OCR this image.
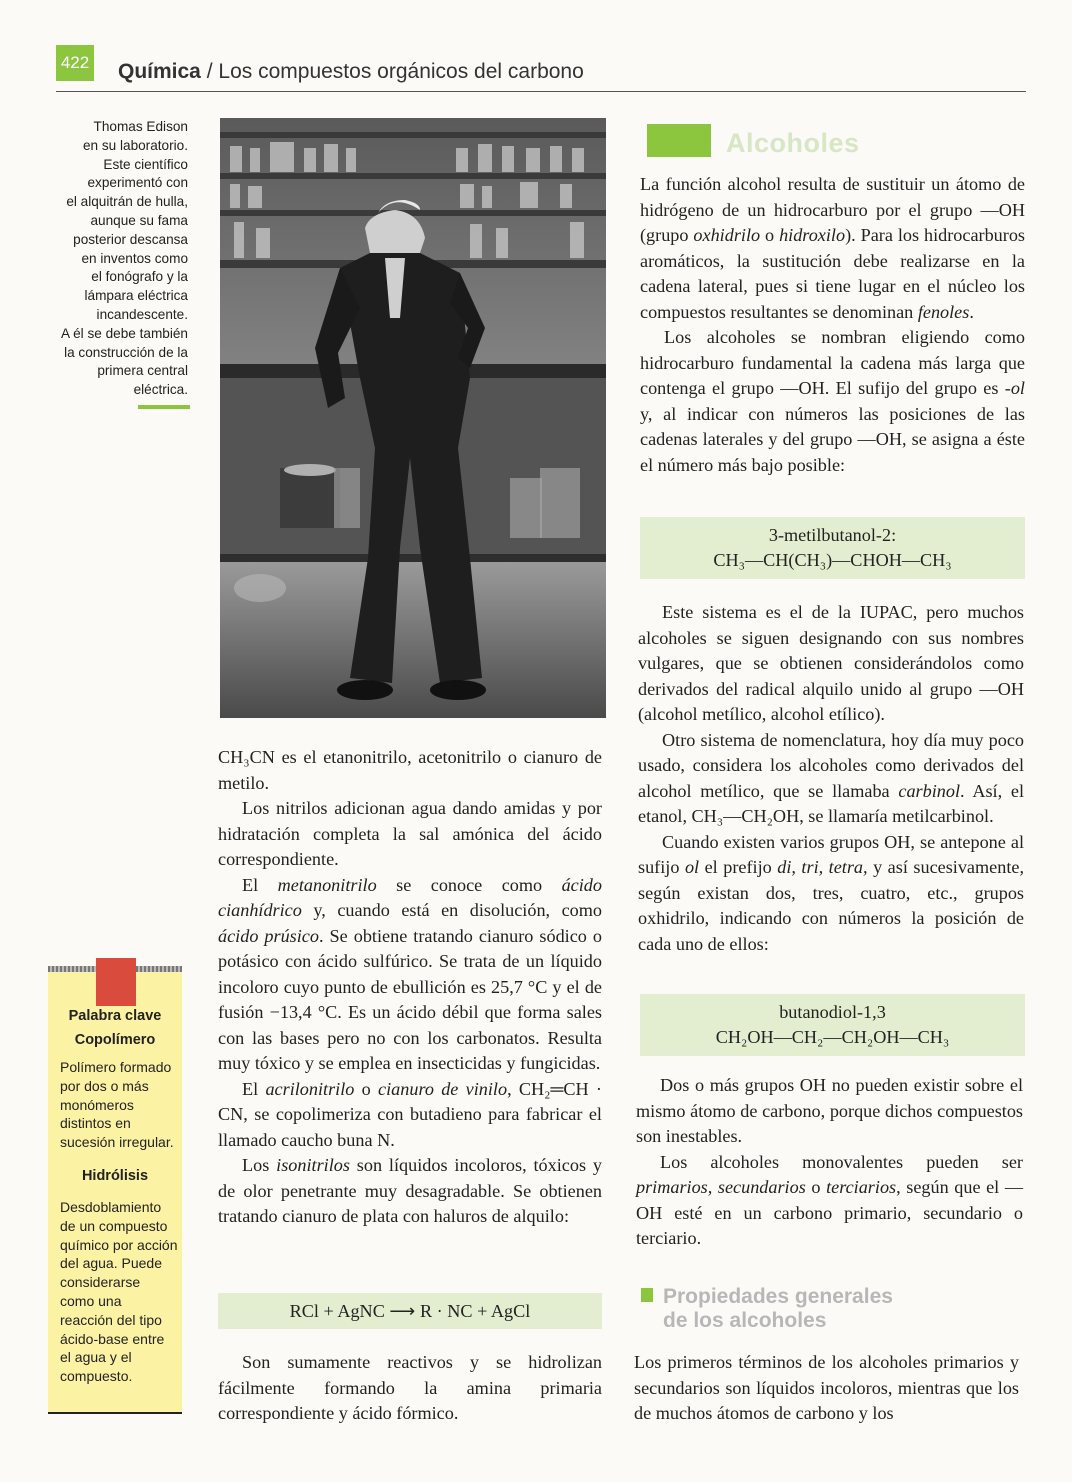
422 Química / Los compuestos orgánicos del carbono
Thomas Edison
en su laboratorio.
Este científico
experimentó con
el alquitrán de hulla,
aunque su fama
posterior descansa
en inventos como
el fonógrafo y la
lámpara eléctrica
incandescente.
A él se debe también
la construcción de la
primera central
eléctrica.

CH₃CN es el etanonitrilo, acetonitrilo o cianuro de metilo.

Los nitrilos adicionan agua dando amidas y por hidratación completa la sal amónica del ácido correspondiente.

El metanonitrilo se conoce como ácido cianhídrico y, cuando está en disolución, como ácido prúsico. Se obtiene tratando cianuro sódico o potásico con ácido sulfúrico. Se trata de un líquido incoloro cuyo punto de ebullición es 25,7 °C y el de fusión −13,4 °C. Es un ácido débil que forma sales con las bases pero no con los carbonatos. Resulta muy tóxico y se emplea en insecticidas y fungicidas.

El acrilonitrilo o cianuro de vinilo, CH₂═CH · CN, se copolimeriza con butadieno para fabricar el llamado caucho buna N.

Los isonitrilos son líquidos incoloros, tóxicos y de olor penetrante muy desagradable. Se obtienen tratando cianuro de plata con haluros de alquilo:

RCl + AgNC ⟶ R · NC + AgCl

Son sumamente reactivos y se hidrolizan fácilmente formando la amina primaria correspondiente y ácido fórmico.

Alcoholes

La función alcohol resulta de sustituir un átomo de hidrógeno de un hidrocarburo por el grupo —OH (grupo oxhidrilo o hidroxilo). Para los hidrocarburos aromáticos, la sustitución debe realizarse en la cadena lateral, pues si tiene lugar en el núcleo los compuestos resultantes se denominan fenoles.

Los alcoholes se nombran eligiendo como hidrocarburo fundamental la cadena más larga que contenga el grupo —OH. El sufijo del grupo es -ol y, al indicar con números las posiciones de las cadenas laterales y del grupo —OH, se asigna a éste el número más bajo posible:

3-metilbutanol-2:
CH₃—CH(CH₃)—CHOH—CH₃

Este sistema es el de la IUPAC, pero muchos alcoholes se siguen designando con sus nombres vulgares, que se obtienen considerándolos como derivados del radical alquilo unido al grupo —OH (alcohol metílico, alcohol etílico).

Otro sistema de nomenclatura, hoy día muy poco usado, considera los alcoholes como derivados del alcohol metílico, que se llamaba carbinol. Así, el etanol, CH₃—CH₂OH, se llamaría metilcarbinol.

Cuando existen varios grupos OH, se antepone al sufijo ol el prefijo di, tri, tetra, y así sucesivamente, según existan dos, tres, cuatro, etc., grupos oxhidrilo, indicando con números la posición de cada uno de ellos:

butanodiol-1,3
CH₂OH—CH₂—CH₂OH—CH₃

Dos o más grupos OH no pueden existir sobre el mismo átomo de carbono, porque dichos compuestos son inestables.

Los alcoholes monovalentes pueden ser primarios, secundarios o terciarios, según que el —OH esté en un carbono primario, secundario o terciario.

Propiedades generales
de los alcoholes

Los primeros términos de los alcoholes primarios y secundarios son líquidos incoloros, mientras que los de muchos átomos de carbono y los

Palabra clave
Copolímero
Polímero formado por dos o más monómeros distintos en sucesión irregular.
Hidrólisis
Desdoblamiento de un compuesto químico por acción del agua. Puede considerarse como una reacción del tipo ácido-base entre el agua y el compuesto.
